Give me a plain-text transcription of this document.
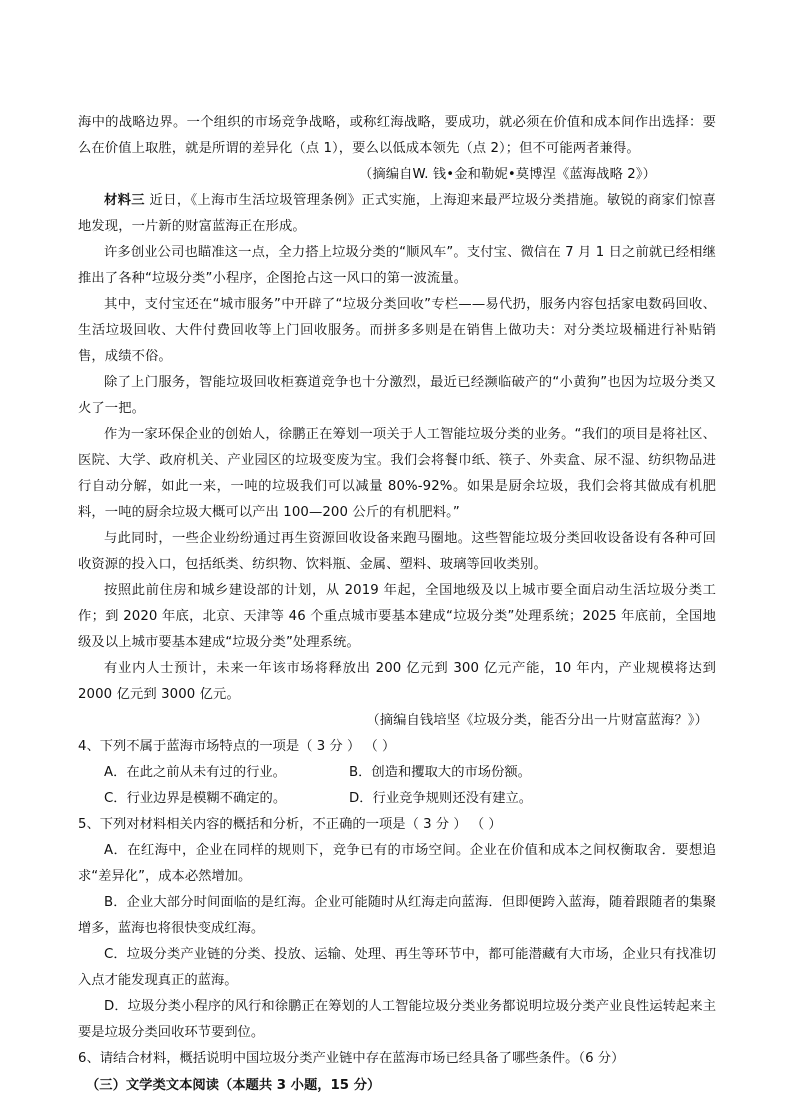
海中的战略边界。一个组织的市场竞争战略，或称红海战略，要成功，就必须在价值和成本间作出选择：要么在价值上取胜，就是所谓的差异化（点 1），要么以低成本领先（点 2）；但不可能两者兼得。

（摘编自W. 钱•金和勒妮•莫博涅《蓝海战略 2》）

材料三 近日，《上海市生活垃圾管理条例》正式实施，上海迎来最严垃圾分类措施。敏锐的商家们惊喜地发现，一片新的财富蓝海正在形成。

许多创业公司也瞄准这一点，全力搭上垃圾分类的“顺风车”。支付宝、微信在 7 月 1 日之前就已经相继推出了各种“垃圾分类”小程序，企图抢占这一风口的第一波流量。

其中，支付宝还在“城市服务”中开辟了“垃圾分类回收”专栏——易代扔，服务内容包括家电数码回收、生活垃圾回收、大件付费回收等上门回收服务。而拼多多则是在销售上做功夫：对分类垃圾桶进行补贴销售，成绩不俗。

除了上门服务，智能垃圾回收柜赛道竞争也十分激烈，最近已经濒临破产的“小黄狗”也因为垃圾分类又火了一把。

作为一家环保企业的创始人，徐鹏正在筹划一项关于人工智能垃圾分类的业务。“我们的项目是将社区、医院、大学、政府机关、产业园区的垃圾变废为宝。我们会将餐巾纸、筷子、外卖盒、尿不湿、纺织物品进行自动分解，如此一来，一吨的垃圾我们可以减量 80%-92%。如果是厨余垃圾，我们会将其做成有机肥料，一吨的厨余垃圾大概可以产出 100—200 公斤的有机肥料。”

与此同时，一些企业纷纷通过再生资源回收设备来跑马圈地。这些智能垃圾分类回收设备设有各种可回收资源的投入口，包括纸类、纺织物、饮料瓶、金属、塑料、玻璃等回收类别。

按照此前住房和城乡建设部的计划，从 2019 年起，全国地级及以上城市要全面启动生活垃圾分类工作；到 2020 年底，北京、天津等 46 个重点城市要基本建成“垃圾分类”处理系统；2025 年底前，全国地级及以上城市要基本建成“垃圾分类”处理系统。

有业内人士预计，未来一年该市场将释放出 200 亿元到 300 亿元产能，10 年内，产业规模将达到 2000 亿元到 3000 亿元。

（摘编自钱培坚《垃圾分类，能否分出一片财富蓝海？》）

4、下列不属于蓝海市场特点的一项是（ 3 分 ） （ ）

A．在此之前从未有过的行业。	B．创造和攫取大的市场份额。
C．行业边界是模糊不确定的。	D．行业竞争规则还没有建立。

5、下列对材料相关内容的概括和分析，不正确的一项是（ 3 分 ） （ ）

A．在红海中，企业在同样的规则下，竞争已有的市场空间。企业在价值和成本之间权衡取舍．要想追求“差异化”，成本必然增加。

B．企业大部分时间面临的是红海。企业可能随时从红海走向蓝海．但即便跨入蓝海，随着跟随者的集聚增多，蓝海也将很快变成红海。

C．垃圾分类产业链的分类、投放、运输、处理、再生等环节中，都可能潜藏有大市场，企业只有找准切入点才能发现真正的蓝海。

D．垃圾分类小程序的风行和徐鹏正在筹划的人工智能垃圾分类业务都说明垃圾分类产业良性运转起来主要是垃圾分类回收环节要到位。

6、请结合材料，概括说明中国垃圾分类产业链中存在蓝海市场已经具备了哪些条件。（6 分）

（三）文学类文本阅读（本题共 3 小题，15 分）
